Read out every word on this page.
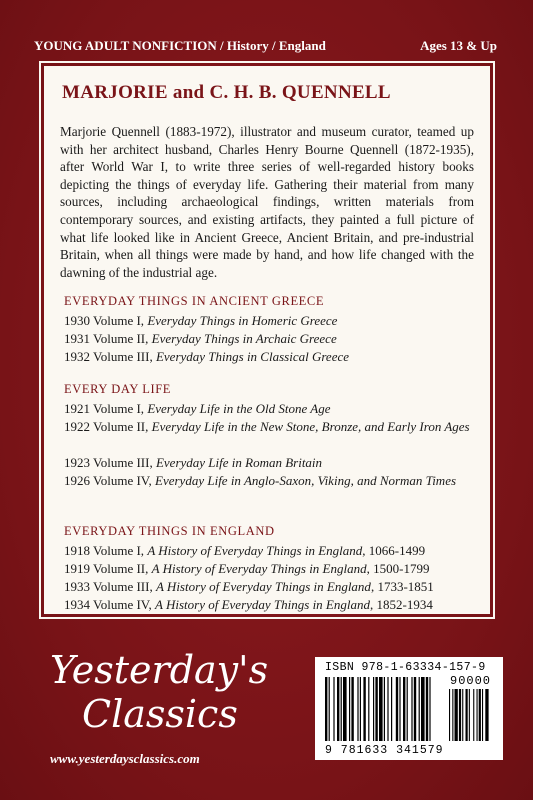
YOUNG ADULT NONFICTION / History / England	Ages 13 & Up
MARJORIE and C. H. B. QUENNELL
Marjorie Quennell (1883-1972), illustrator and museum curator, teamed up with her architect husband, Charles Henry Bourne Quennell (1872-1935), after World War I, to write three series of well-regarded history books depicting the things of everyday life. Gathering their material from many sources, including archaeological findings, written materials from contemporary sources, and existing artifacts, they painted a full picture of what life looked like in Ancient Greece, Ancient Britain, and pre-industrial Britain, when all things were made by hand, and how life changed with the dawning of the industrial age.
EVERYDAY THINGS IN ANCIENT GREECE
1930 Volume I, Everyday Things in Homeric Greece
1931 Volume II, Everyday Things in Archaic Greece
1932 Volume III, Everyday Things in Classical Greece
EVERY DAY LIFE
1921 Volume I, Everyday Life in the Old Stone Age
1922 Volume II, Everyday Life in the New Stone, Bronze, and Early Iron Ages
1923 Volume III, Everyday Life in Roman Britain
1926 Volume IV, Everyday Life in Anglo-Saxon, Viking, and Norman Times
EVERYDAY THINGS IN ENGLAND
1918 Volume I, A History of Everyday Things in England, 1066-1499
1919 Volume II, A History of Everyday Things in England, 1500-1799
1933 Volume III, A History of Everyday Things in England, 1733-1851
1934 Volume IV, A History of Everyday Things in England, 1852-1934
Yesterday's
Classics
www.yesterdaysclassics.com
ISBN 978-1-63334-157-9
90000
9 781633 341579
